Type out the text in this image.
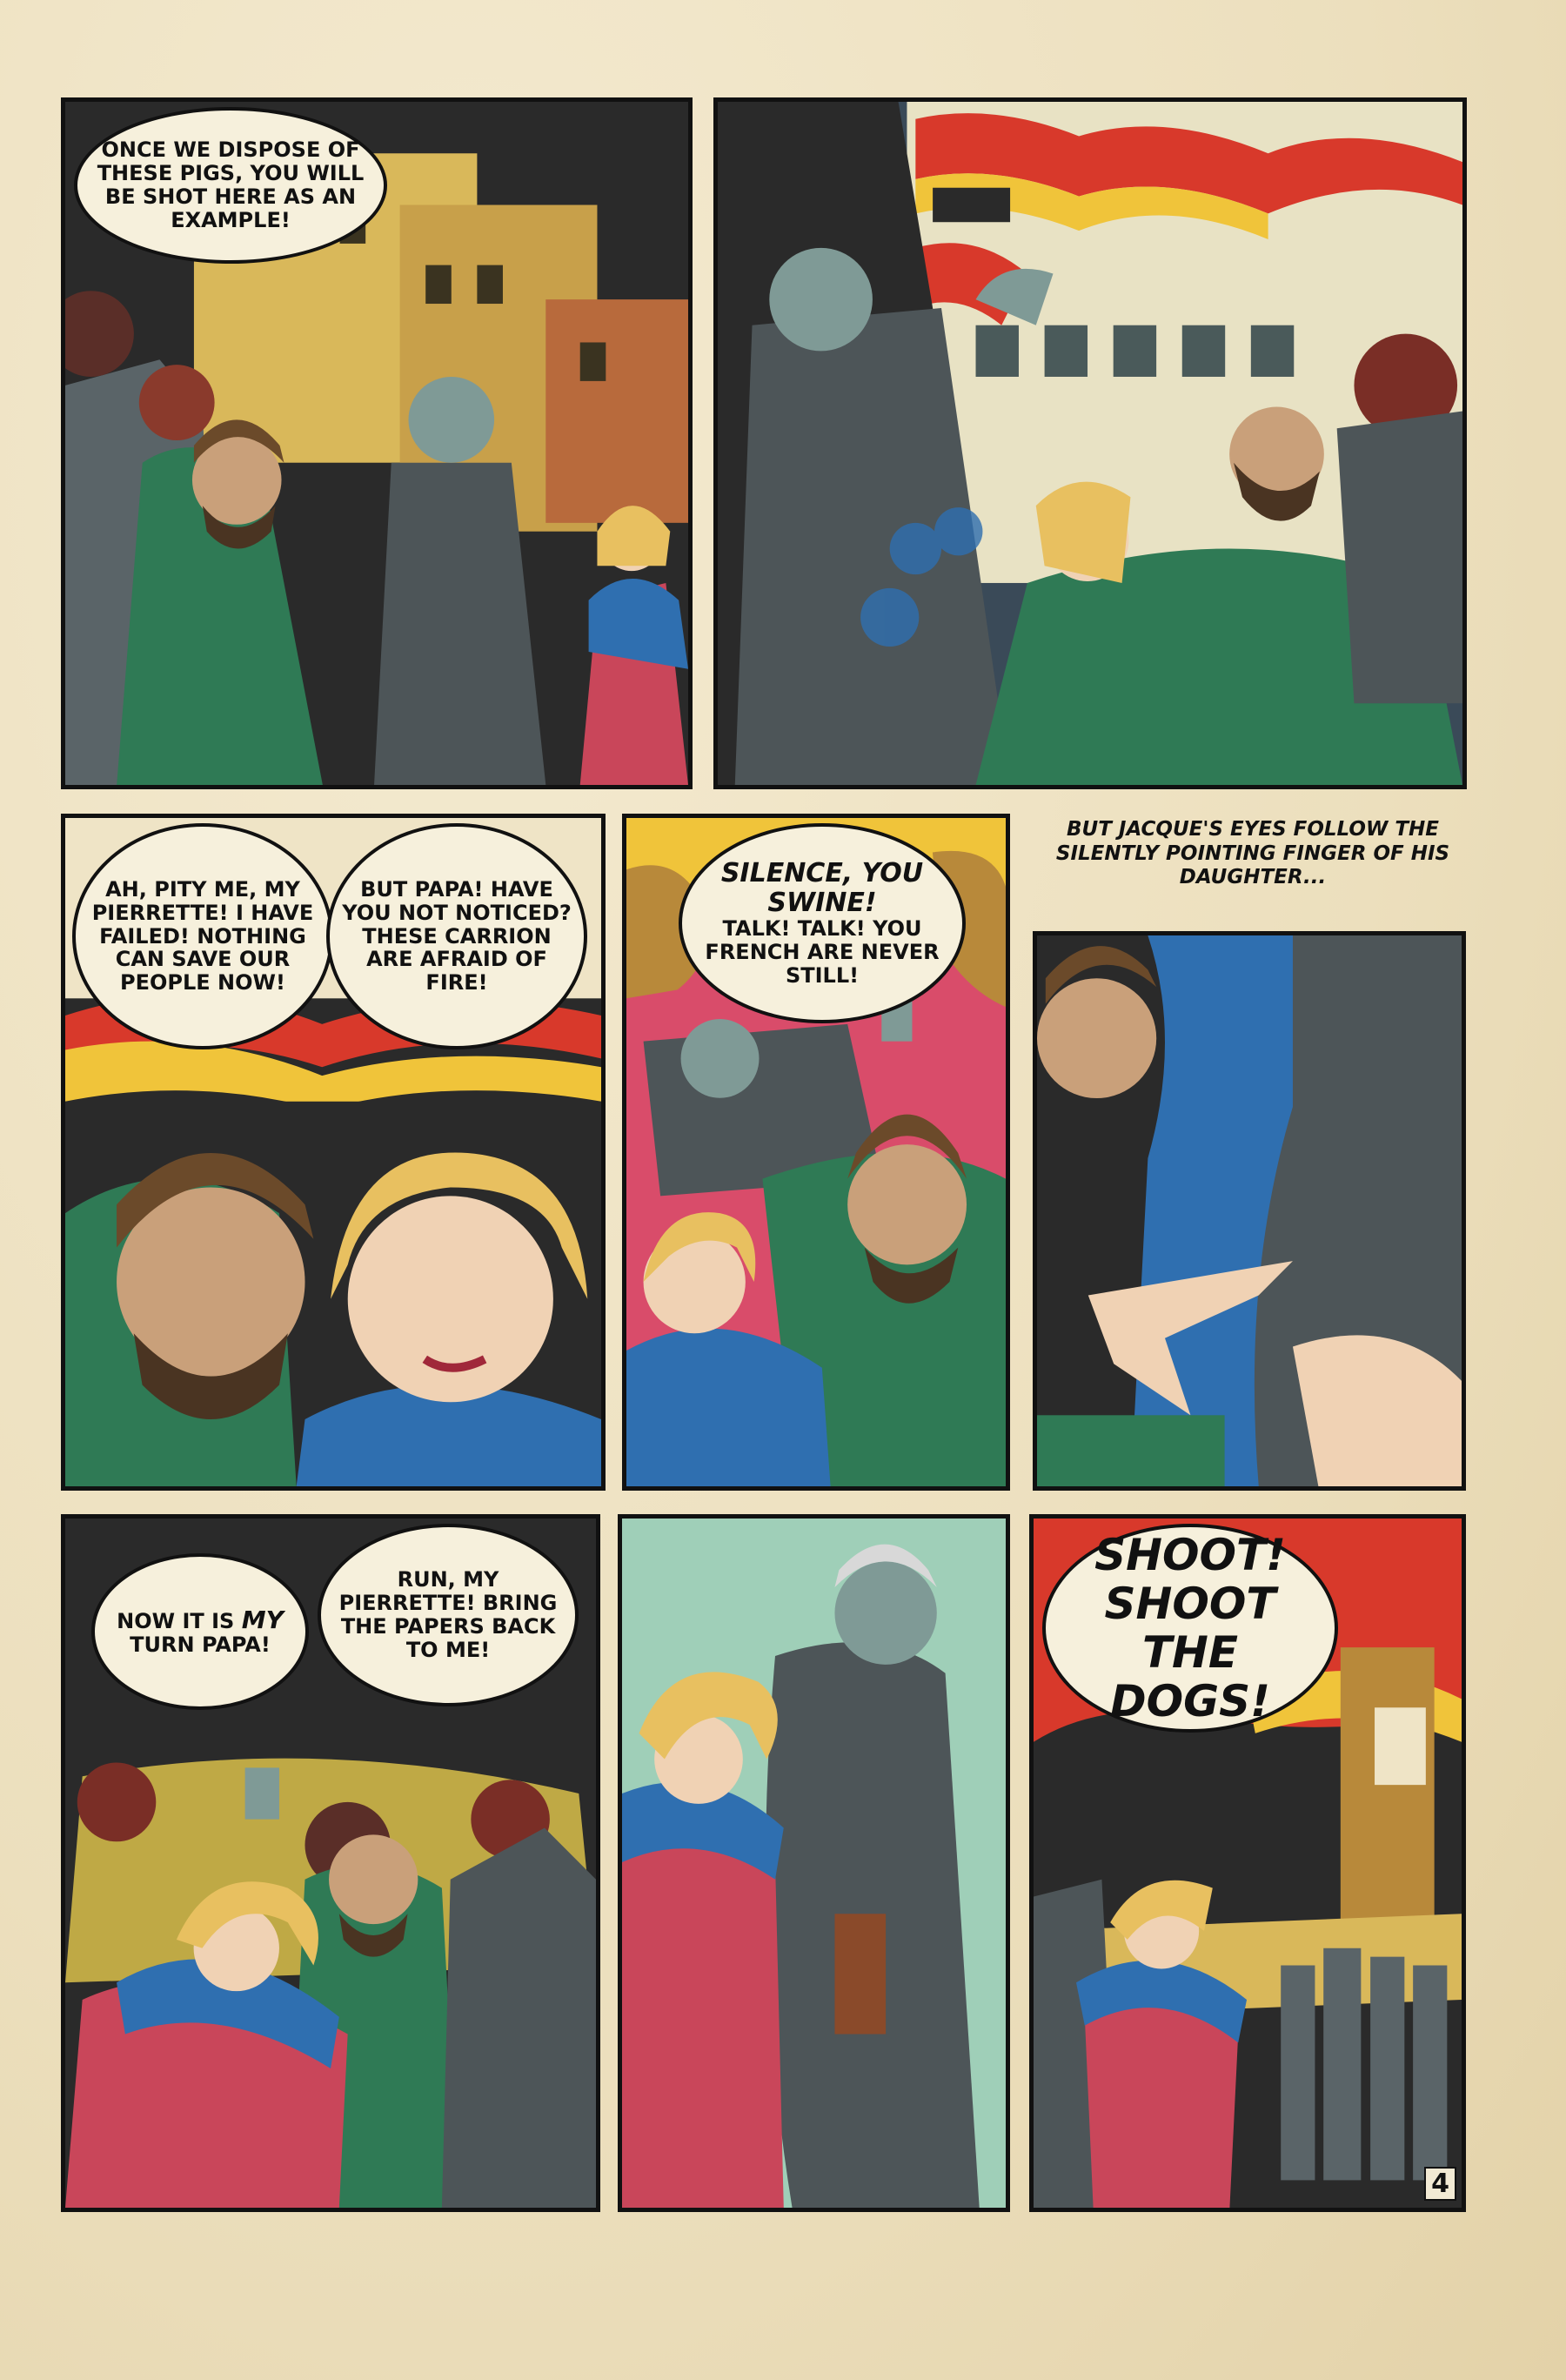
ONCE WE DISPOSE OF THESE PIGS, YOU WILL BE SHOT HERE AS AN EXAMPLE!
AH, PITY ME, MY PIERRETTE! I HAVE FAILED! NOTHING CAN SAVE OUR PEOPLE NOW!
BUT PAPA! HAVE YOU NOT NOTICED? THESE CARRION ARE AFRAID OF FIRE!
SILENCE, YOU SWINE!
TALK! TALK! YOU FRENCH ARE NEVER STILL!
BUT JACQUE'S EYES FOLLOW THE SILENTLY POINTING FINGER OF HIS DAUGHTER...
NOW IT IS MY TURN PAPA!
RUN, MY PIERRETTE! BRING THE PAPERS BACK TO ME!
SHOOT! SHOOT THE DOGS!
4
